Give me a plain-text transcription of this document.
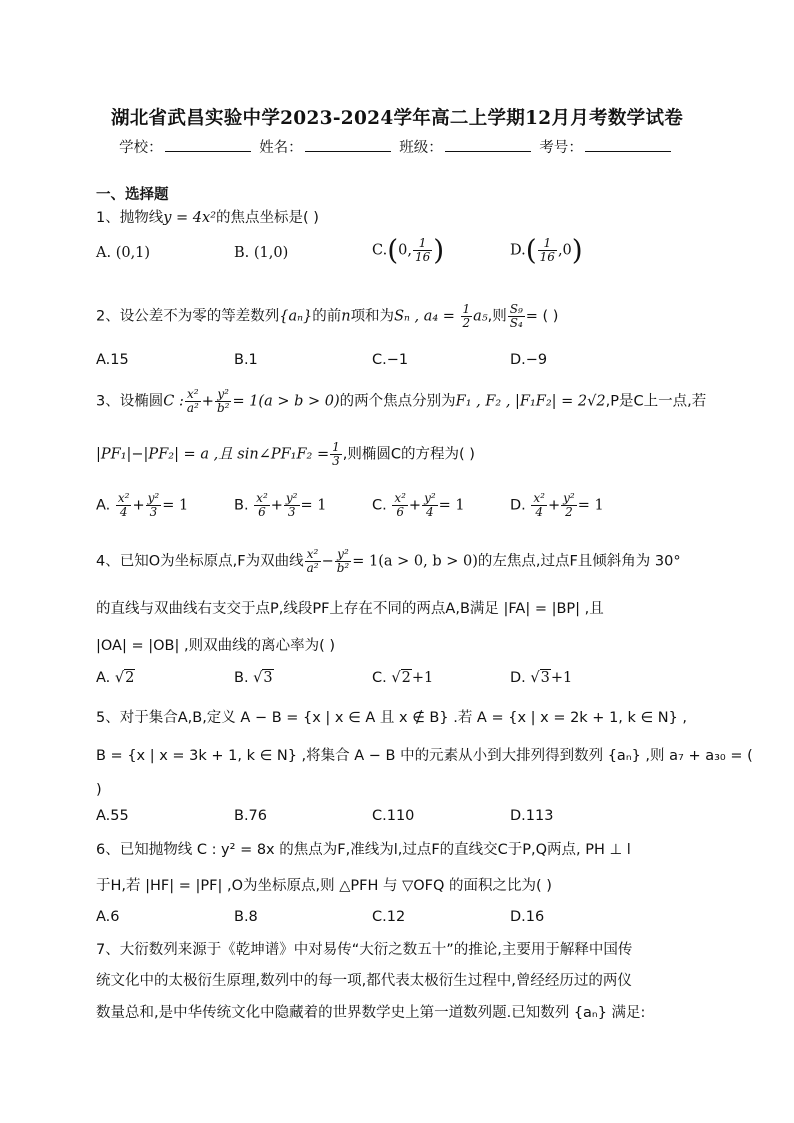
湖北省武昌实验中学2023-2024学年高二上学期12月月考数学试卷
学校：	姓名：	班级：	考号：
一、选择题
1、抛物线y = 4x²的焦点坐标是( )
A. (0,1)	B. (1,0)	C.(0, $\frac{1}{16}$ )	$D.( \frac{1}{16} ,0)$
2、设公差不为零的等差数列{aₙ}的前n项和为Sₙ , $a_4 = \frac{1}{2} a_5$,则 $\frac{\text{S₉}}{\text{S₄}}$ = ( )
A.15	B.1	C.−1	D.−9
3、设椭圆C : $\frac{\text{x²}}{\text{a²}} + \frac{\text{y²}}{\text{b²}} = 1(a > b > 0)$的两个焦点分别为F₁ , F₂ , |F₁F₂| = 2√2,P是C上一点,若
|PF₁|−|PF₂| = a ,且 sin∠PF₁F₂ = $\frac{1}{3}$ ,则椭圆C的方程为( )
A. $\frac{\text{x²}}{4} + \frac{\text{y²}}{3} = 1$	B. $\frac{\text{x²}}{6} + \frac{\text{y²}}{3} = 1$	C. $\frac{\text{x²}}{6} + \frac{\text{y²}}{4} = 1$	D. $\frac{\text{x²}}{4} + \frac{\text{y²}}{2} = 1$
4、已知O为坐标原点,F为双曲线 $\frac{\text{x²}}{\text{a²}} - \frac{\text{y²}}{\text{b²}} = 1(a > 0$, b > 0)的左焦点,过点F且倾斜角为 30°
的直线与双曲线右支交于点P,线段PF上存在不同的两点A,B满足 |FA| = |BP| ,且
|OA| = |OB| ,则双曲线的离心率为( )
A. √2	B. √3	C. √2+1	D. √3+1
5、对于集合A,B,定义 A − B = {x | x ∈ A 且 x ∉ B} .若 A = {x | x = 2k + 1, k ∈ N} ,
B = {x | x = 3k + 1, k ∈ N} ,将集合 A − B 中的元素从小到大排列得到数列 {aₙ} ,则 a₇ + a₃₀ = (
)
A.55	B.76	C.110	D.113
6、已知抛物线 C : y² = 8x 的焦点为F,准线为l,过点F的直线交C于P,Q两点, PH ⊥ l
于H,若 |HF| = |PF| ,O为坐标原点,则 △PFH 与 ▽OFQ 的面积之比为( )
A.6	B.8	C.12	D.16
7、大衍数列来源于《乾坤谱》中对易传“大衍之数五十”的推论,主要用于解释中国传
统文化中的太极衍生原理,数列中的每一项,都代表太极衍生过程中,曾经经历过的两仪
数量总和,是中华传统文化中隐藏着的世界数学史上第一道数列题.已知数列 {aₙ} 满足:
